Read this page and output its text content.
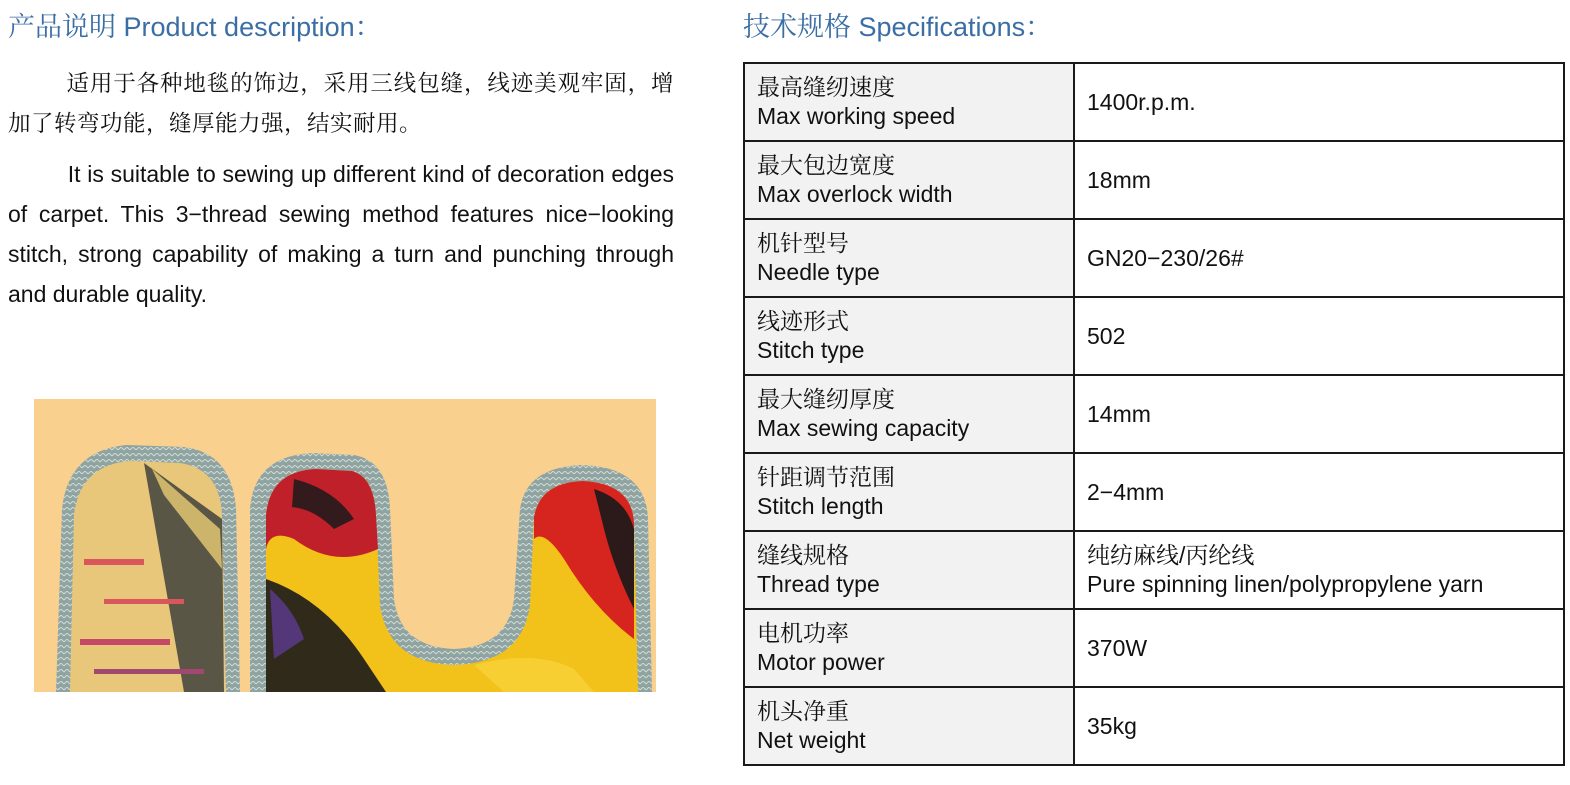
产品说明 Product description：
适用于各种地毯的饰边，采用三线包缝，线迹美观牢固，增加了转弯功能，缝厚能力强，结实耐用。
It is suitable to sewing up different kind of decoration edges of carpet. This 3−thread sewing method features nice−looking stitch, strong capability of making a turn and punching through and durable quality.
技术规格 Specifications：
最高缝纫速度
Max working speed	1400r.p.m.

最大包边宽度
Max overlock width	18mm

机针型号
Needle type	GN20−230/26#

线迹形式
Stitch type	502

最大缝纫厚度
Max sewing capacity	14mm

针距调节范围
Stitch length	2−4mm

缝线规格
Thread type	纯纺麻线/丙纶线
Pure spinning linen/polypropylene yarn

电机功率
Motor power	370W

机头净重
Net weight	35kg
